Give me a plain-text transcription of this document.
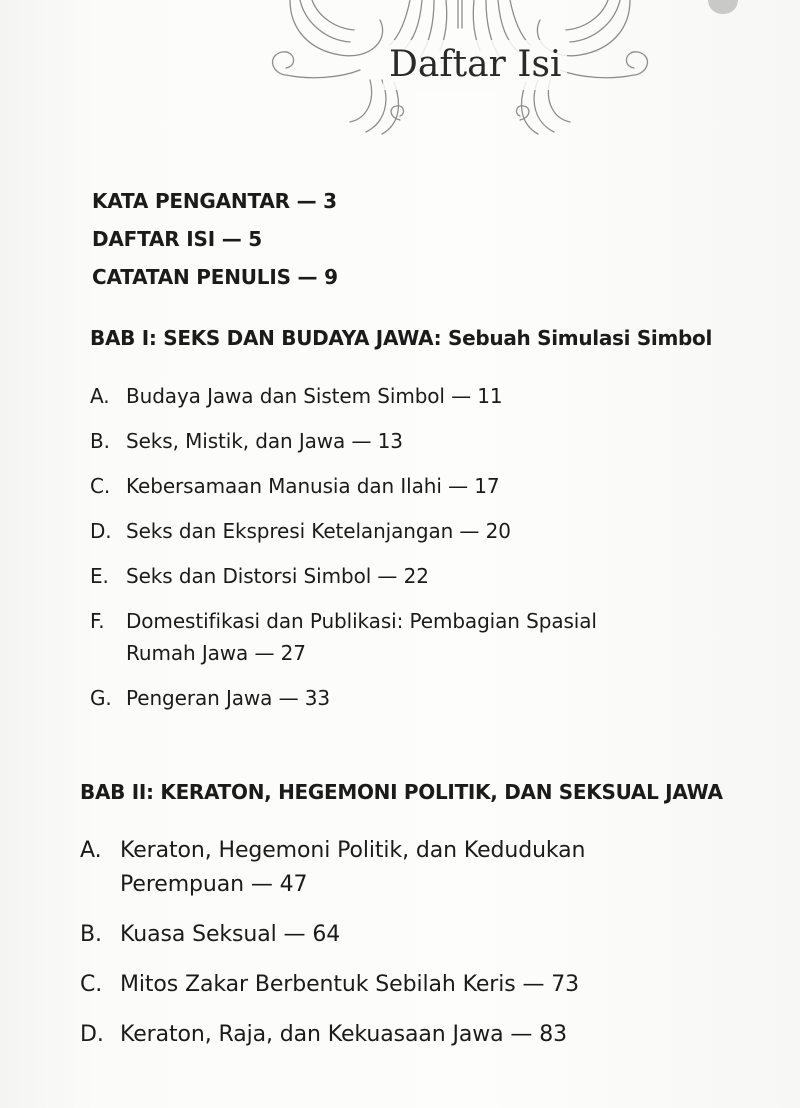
Daftar Isi
KATA PENGANTAR — 3
DAFTAR ISI — 5
CATATAN PENULIS — 9
BAB I: SEKS DAN BUDAYA JAWA: Sebuah Simulasi Simbol
A. Budaya Jawa dan Sistem Simbol — 11
B. Seks, Mistik, dan Jawa — 13
C. Kebersamaan Manusia dan Ilahi — 17
D. Seks dan Ekspresi Ketelanjangan — 20
E. Seks dan Distorsi Simbol — 22
F.	Domestifikasi dan Publikasi: Pembagian Spasial
Rumah Jawa — 27
G. Pengeran Jawa — 33
BAB II: KERATON, HEGEMONI POLITIK, DAN SEKSUAL JAWA
A. Keraton, Hegemoni Politik, dan Kedudukan
Perempuan — 47
B. Kuasa Seksual — 64
C. Mitos Zakar Berbentuk Sebilah Keris — 73
D. Keraton, Raja, dan Kekuasaan Jawa — 83
